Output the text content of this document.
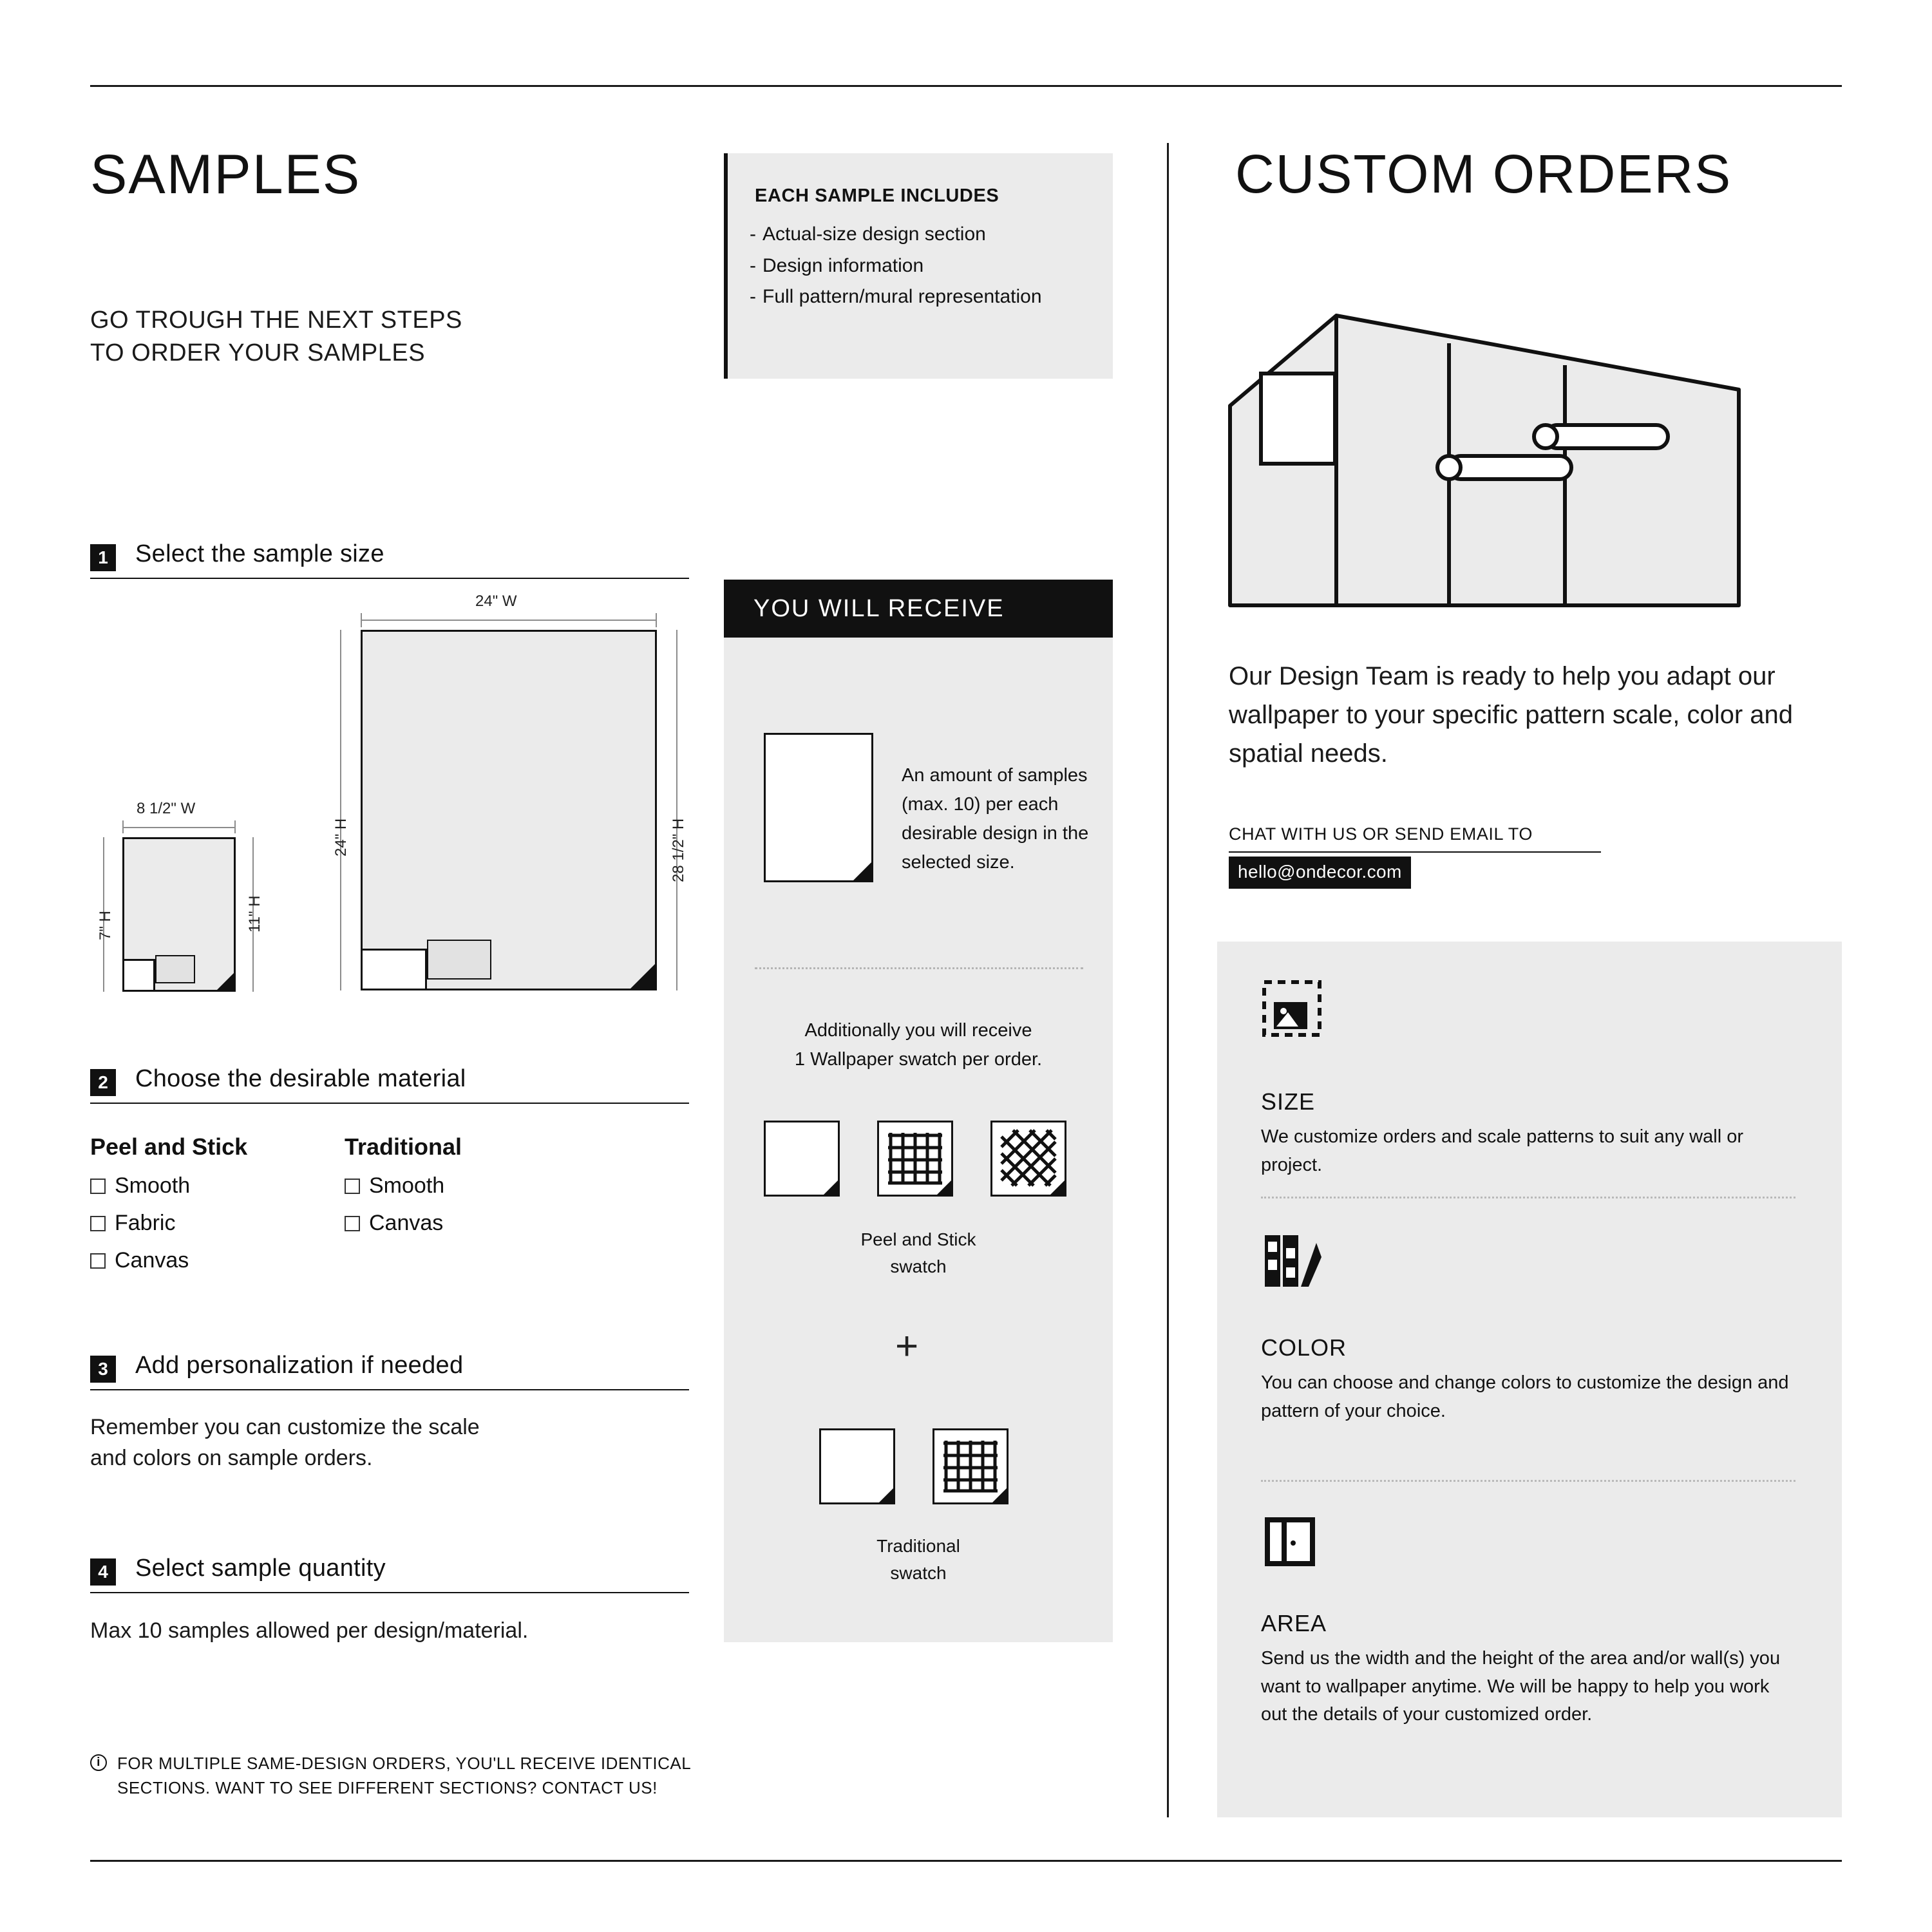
SAMPLES
GO TROUGH THE NEXT STEPS
TO ORDER YOUR SAMPLES
EACH SAMPLE INCLUDES
- Actual-size design section
- Design information
- Full pattern/mural representation
1	Select the sample size
24" W
24" H	28 1/2" H
8 1/2" W
7" H	11" H
2	Choose the desirable material
Peel and Stick
Smooth
Fabric
Canvas
Traditional
Smooth
Canvas
3	Add personalization if needed
Remember you can customize the scale
and colors on sample orders.
4	Select sample quantity
Max 10 samples allowed per design/material.
i	FOR MULTIPLE SAME-DESIGN ORDERS, YOU'LL RECEIVE IDENTICAL
SECTIONS. WANT TO SEE DIFFERENT SECTIONS? CONTACT US!
YOU WILL RECEIVE
An amount of samples (max. 10) per each desirable design in the selected size.
Additionally you will receive
1 Wallpaper swatch per order.
Peel and Stick
swatch
+
Traditional
swatch
CUSTOM ORDERS
Our Design Team is ready to help you adapt our wallpaper to your specific pattern scale, color and spatial needs.
CHAT WITH US OR SEND EMAIL TO
hello@ondecor.com
SIZE
We customize orders and scale patterns to suit any wall or project.
COLOR
You can choose and change colors to customize the design and pattern of your choice.
AREA
Send us the width and the height of the area and/or wall(s) you want to wallpaper anytime. We will be happy to help you work out the details of your customized order.
